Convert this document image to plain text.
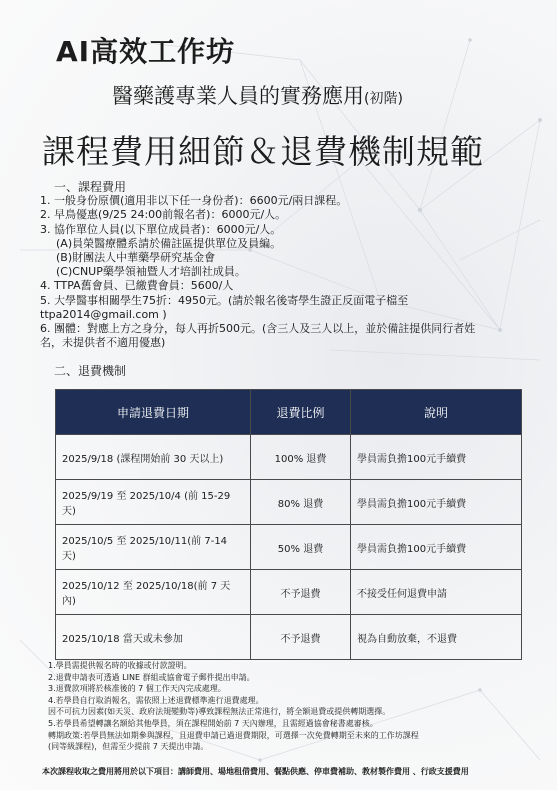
AI高效工作坊
醫藥護專業人員的實務應用(初階)
課程費用細節＆退費機制規範
一、課程費用
1. 一般身份原價(適用非以下任一身份者)：6600元/兩日課程。
2. 早鳥優惠(9/25 24:00前報名者)：6000元/人。
3. 協作單位人員(以下單位成員者)：6000元/人。
(A)員榮醫療體系請於備註區提供單位及員編。
(B)財團法人中華藥學研究基金會
(C)CNUP藥學領袖暨人才培訓社成員。
4. TTPA舊會員、已繳費會員：5600/人
5. 大學醫事相關學生75折：4950元。(請於報名後寄學生證正反面電子檔至
ttpa2014@gmail.com )
6. 團體：對應上方之身分，每人再折500元。(含三人及三人以上，並於備註提供同行者姓
名，未提供者不適用優惠)
二、退費機制
申請退費日期	退費比例	說明
2025/9/18 (課程開始前 30 天以上)	100% 退費	學員需負擔100元手續費
2025/9/19 至 2025/10/4 (前 15-29 天)	80% 退費	學員需負擔100元手續費
2025/10/5 至 2025/10/11(前 7-14 天)	50% 退費	學員需負擔100元手續費
2025/10/12 至 2025/10/18(前 7 天內)	不予退費	不接受任何退費申請
2025/10/18 當天或未參加	不予退費	視為自動放棄，不退費
1.學員需提供報名時的收據或付款證明。
2.退費申請表可透過 LINE 群組或協會電子郵件提出申請。
3.退費款項將於核准後的 7 個工作天內完成處理。
4.若學員自行取消報名，需依照上述退費標準進行退費處理。
因不可抗力因素(如天災、政府法規變動等)導致課程無法正常進行，將全額退費或提供轉期選擇。
5.若學員希望轉讓名額給其他學員，須在課程開始前 7 天內辦理，且需經過協會秘書處審核。
轉期政策:若學員無法如期參與課程，且退費申請已過退費期限，可選擇一次免費轉期至未來的工作坊課程
(同等級課程)，但需至少提前 7 天提出申請。
本次課程收取之費用將用於以下項目：講師費用、場地租借費用、餐點供應、停車費補助、教材製作費用 、行政支援費用
